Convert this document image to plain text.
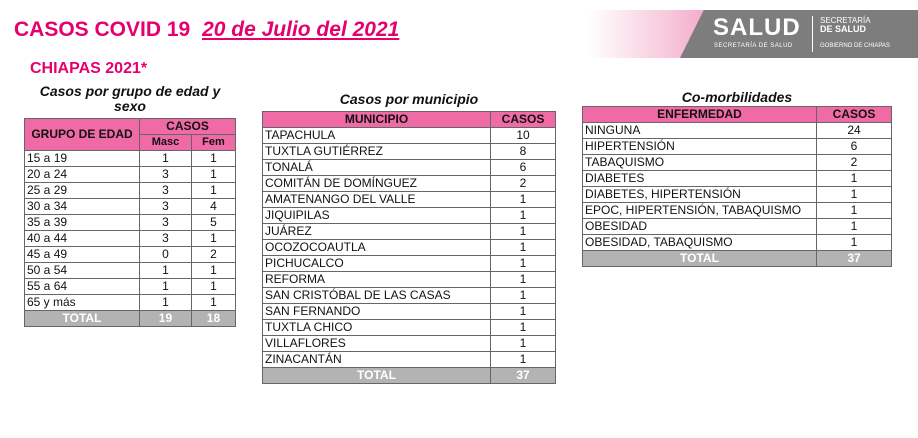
CASOS COVID 19 20 de Julio del 2021
CHIAPAS 2021*
SALUD
SECRETARÍA DE SALUD
SECRETARÍA
DE SALUD
GOBIERNO DE CHIAPAS
Casos por grupo de edad y sexo
GRUPO DE EDAD	CASOS	
	Masc	Fem
15 a 19	1	1
20 a 24	3	1
25 a 29	3	1
30 a 34	3	4
35 a 39	3	5
40 a 44	3	1
45 a 49	0	2
50 a 54	1	1
55 a 64	1	1
65 y más	1	1
TOTAL	19	18
Casos por municipio
MUNICIPIO	CASOS
TAPACHULA	10
TUXTLA GUTIÉRREZ	8
TONALÁ	6
COMITÁN DE DOMÍNGUEZ	2
AMATENANGO DEL VALLE	1
JIQUIPILAS	1
JUÁREZ	1
OCOZOCOAUTLA	1
PICHUCALCO	1
REFORMA	1
SAN CRISTÓBAL DE LAS CASAS	1
SAN FERNANDO	1
TUXTLA CHICO	1
VILLAFLORES	1
ZINACANTÁN	1
TOTAL	37
Co-morbilidades
ENFERMEDAD	CASOS
NINGUNA	24
HIPERTENSIÓN	6
TABAQUISMO	2
DIABETES	1
DIABETES, HIPERTENSIÓN	1
EPOC, HIPERTENSIÓN, TABAQUISMO	1
OBESIDAD	1
OBESIDAD, TABAQUISMO	1
TOTAL	37
